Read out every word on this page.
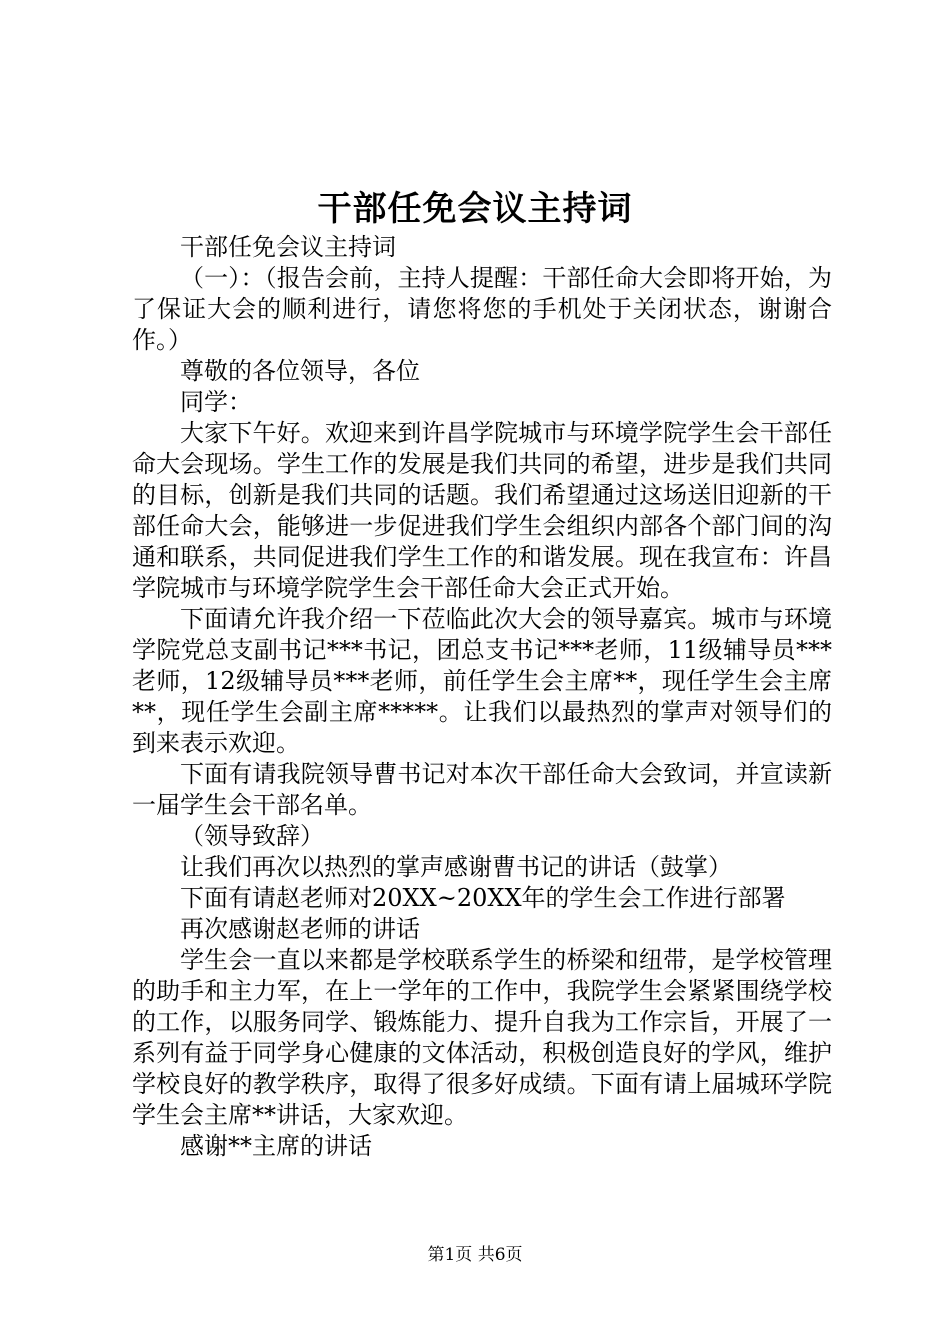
干部任免会议主持词

干部任免会议主持词

（一）：（报告会前，主持人提醒：干部任命大会即将开始，为了保证大会的顺利进行，请您将您的手机处于关闭状态，谢谢合作。）

尊敬的各位领导，各位

同学：

大家下午好。欢迎来到许昌学院城市与环境学院学生会干部任命大会现场。学生工作的发展是我们共同的希望，进步是我们共同的目标，创新是我们共同的话题。我们希望通过这场送旧迎新的干部任命大会，能够进一步促进我们学生会组织内部各个部门间的沟通和联系，共同促进我们学生工作的和谐发展。现在我宣布：许昌学院城市与环境学院学生会干部任命大会正式开始。

下面请允许我介绍一下莅临此次大会的领导嘉宾。城市与环境学院党总支副书记***书记，团总支书记***老师，11级辅导员***老师，12级辅导员***老师，前任学生会主席**，现任学生会主席**，现任学生会副主席*****。让我们以最热烈的掌声对领导们的到来表示欢迎。

下面有请我院领导曹书记对本次干部任命大会致词，并宣读新一届学生会干部名单。

（领导致辞）

让我们再次以热烈的掌声感谢曹书记的讲话（鼓掌）

下面有请赵老师对20XX~20XX年的学生会工作进行部署

再次感谢赵老师的讲话

学生会一直以来都是学校联系学生的桥梁和纽带，是学校管理的助手和主力军，在上一学年的工作中，我院学生会紧紧围绕学校的工作，以服务同学、锻炼能力、提升自我为工作宗旨，开展了一系列有益于同学身心健康的文体活动，积极创造良好的学风，维护学校良好的教学秩序，取得了很多好成绩。下面有请上届城环学院学生会主席**讲话，大家欢迎。

感谢**主席的讲话

第1页 共6页
